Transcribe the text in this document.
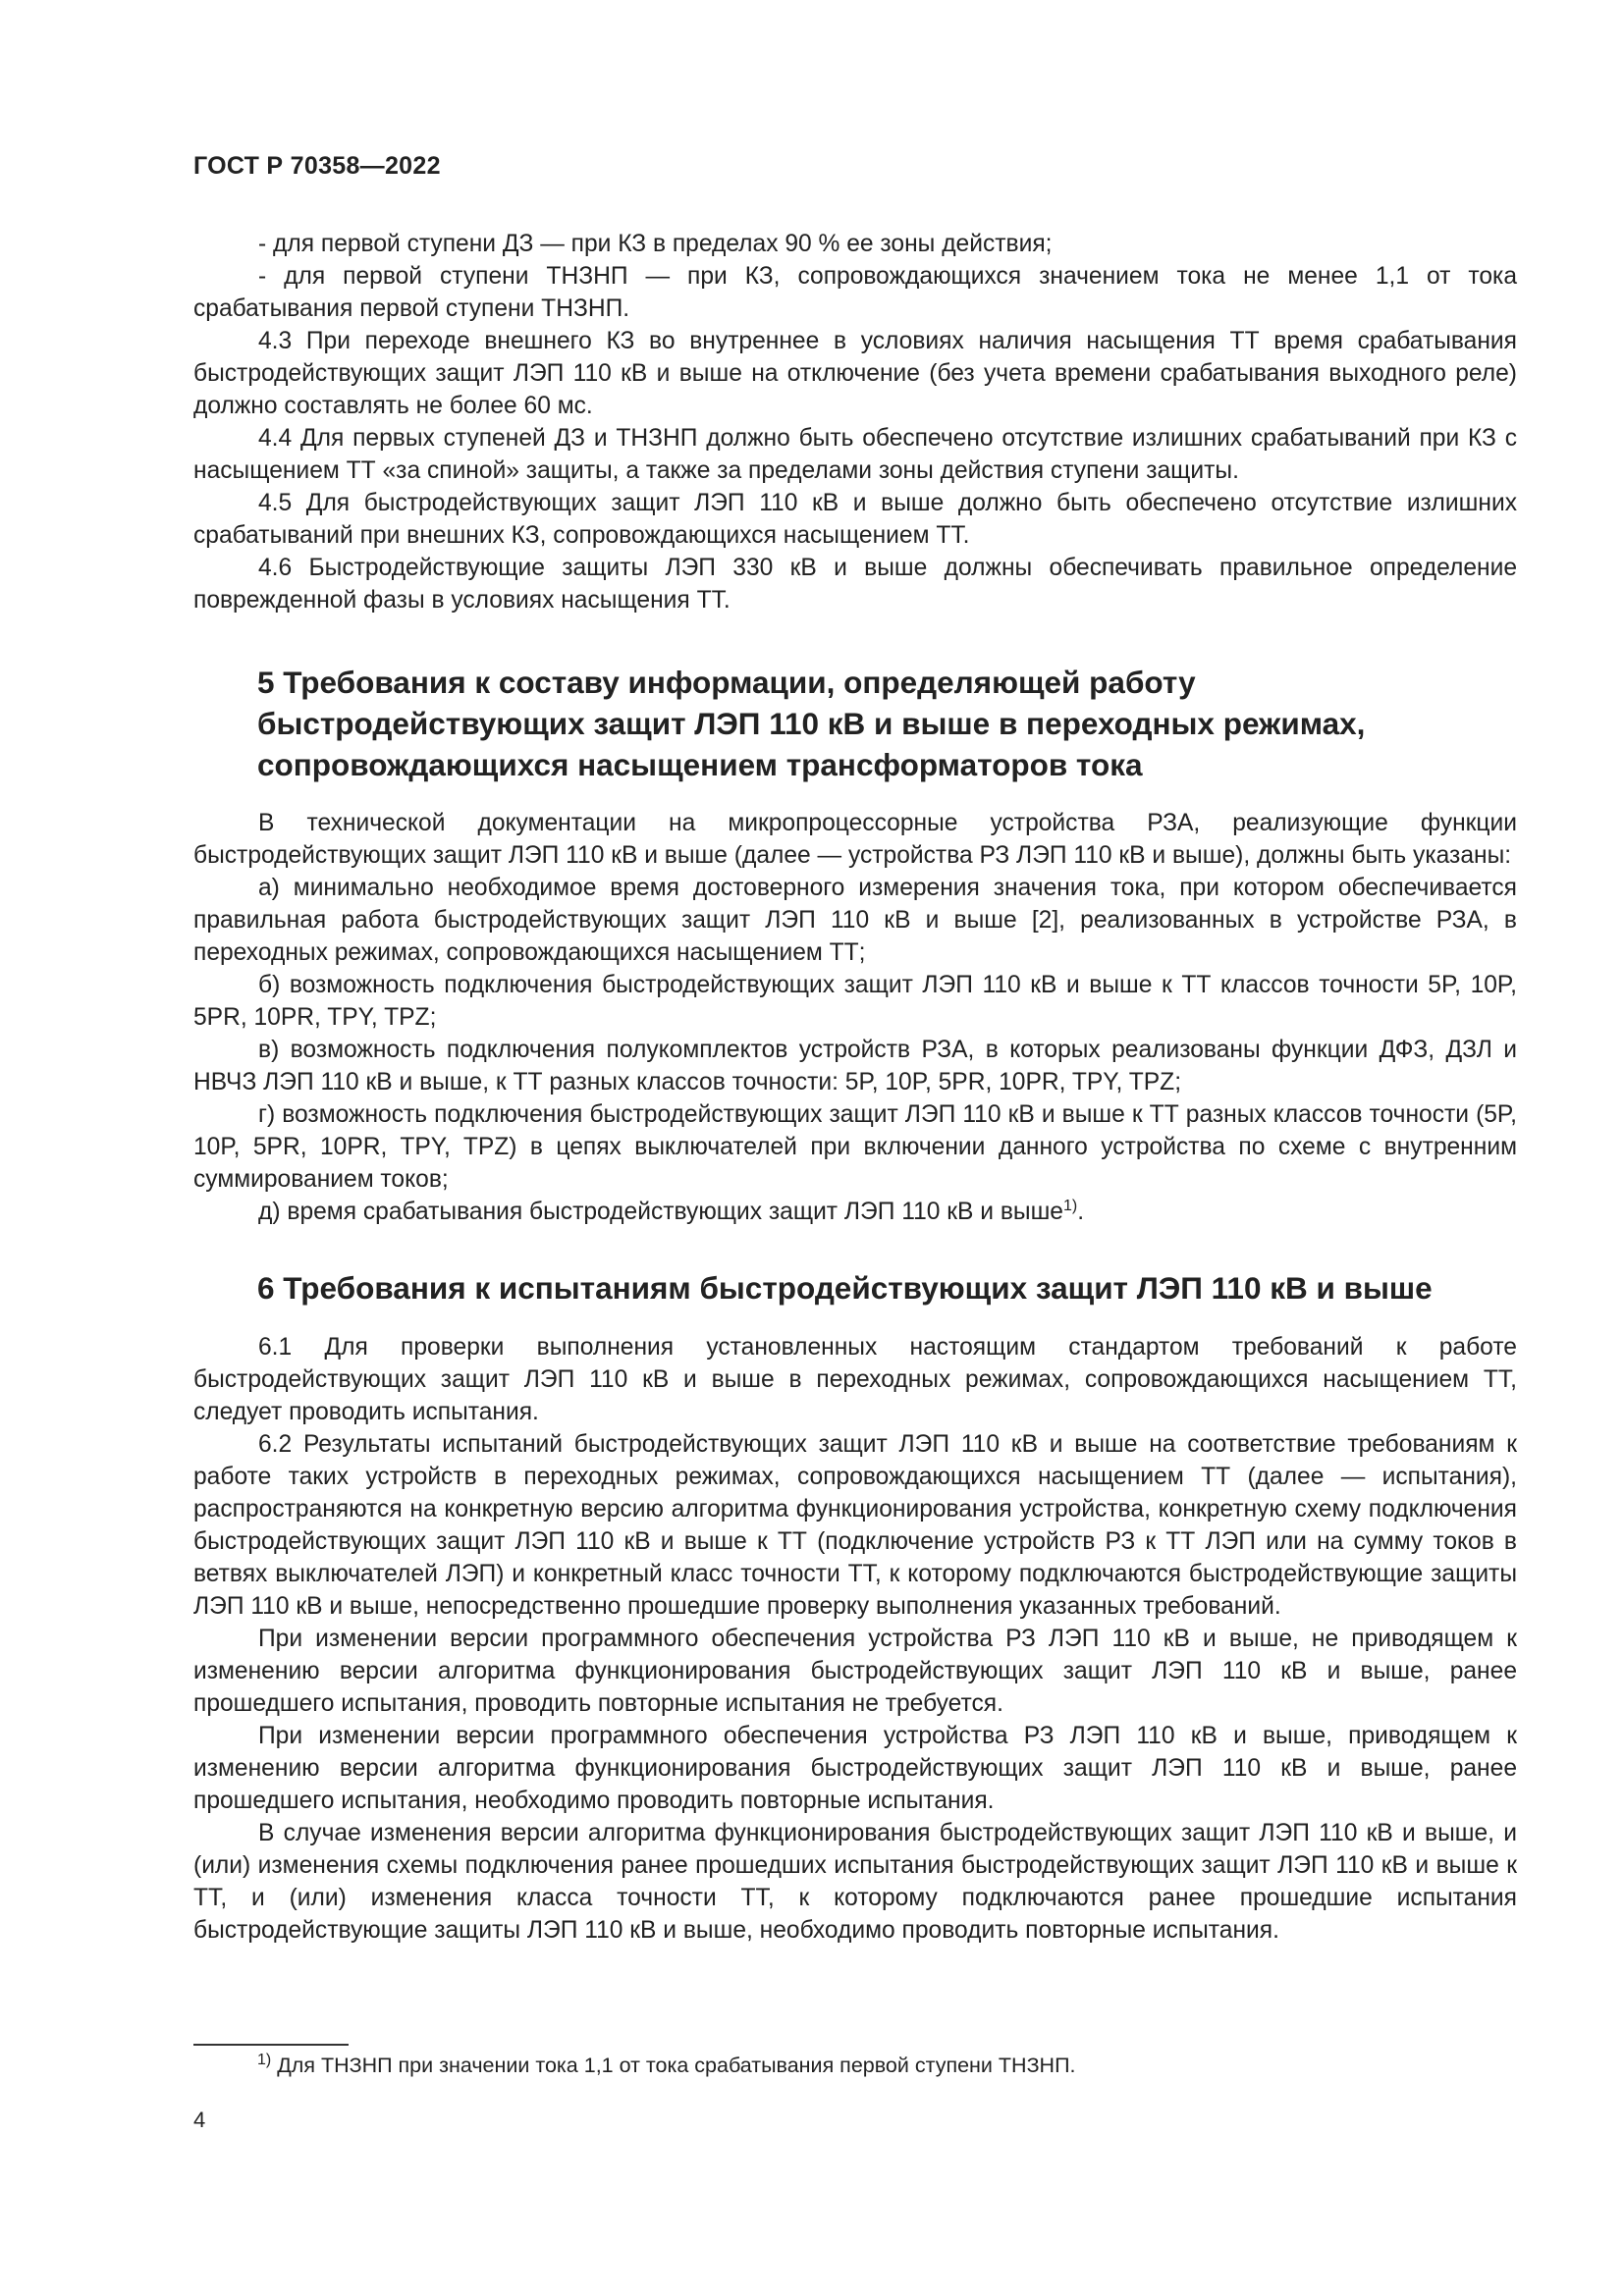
ГОСТ Р 70358—2022

- для первой ступени ДЗ — при КЗ в пределах 90 % ее зоны действия;

- для первой ступени ТНЗНП — при КЗ, сопровождающихся значением тока не менее 1,1 от тока срабатывания первой ступени ТНЗНП.

4.3 При переходе внешнего КЗ во внутреннее в условиях наличия насыщения ТТ время срабатывания быстродействующих защит ЛЭП 110 кВ и выше на отключение (без учета времени срабатывания выходного реле) должно составлять не более 60 мс.

4.4 Для первых ступеней ДЗ и ТНЗНП должно быть обеспечено отсутствие излишних срабатываний при КЗ с насыщением ТТ «за спиной» защиты, а также за пределами зоны действия ступени защиты.

4.5 Для быстродействующих защит ЛЭП 110 кВ и выше должно быть обеспечено отсутствие излишних срабатываний при внешних КЗ, сопровождающихся насыщением ТТ.

4.6 Быстродействующие защиты ЛЭП 330 кВ и выше должны обеспечивать правильное определение поврежденной фазы в условиях насыщения ТТ.

5 Требования к составу информации, определяющей работу
быстродействующих защит ЛЭП 110 кВ и выше в переходных режимах,
сопровождающихся насыщением трансформаторов тока

В технической документации на микропроцессорные устройства РЗА, реализующие функции быстродействующих защит ЛЭП 110 кВ и выше (далее — устройства РЗ ЛЭП 110 кВ и выше), должны быть указаны:

а) минимально необходимое время достоверного измерения значения тока, при котором обеспечивается правильная работа быстродействующих защит ЛЭП 110 кВ и выше [2], реализованных в устройстве РЗА, в переходных режимах, сопровождающихся насыщением ТТ;

б) возможность подключения быстродействующих защит ЛЭП 110 кВ и выше к ТТ классов точности 5P, 10P, 5PR, 10PR, TPY, TPZ;

в) возможность подключения полукомплектов устройств РЗА, в которых реализованы функции ДФЗ, ДЗЛ и НВЧЗ ЛЭП 110 кВ и выше, к ТТ разных классов точности: 5P, 10P, 5PR, 10PR, TPY, TPZ;

г) возможность подключения быстродействующих защит ЛЭП 110 кВ и выше к ТТ разных классов точности (5P, 10P, 5PR, 10PR, TPY, TPZ) в цепях выключателей при включении данного устройства по схеме с внутренним суммированием токов;

д) время срабатывания быстродействующих защит ЛЭП 110 кВ и выше$^{1)}$.

6 Требования к испытаниям быстродействующих защит ЛЭП 110 кВ и выше

6.1 Для проверки выполнения установленных настоящим стандартом требований к работе быстродействующих защит ЛЭП 110 кВ и выше в переходных режимах, сопровождающихся насыщением ТТ, следует проводить испытания.

6.2 Результаты испытаний быстродействующих защит ЛЭП 110 кВ и выше на соответствие требованиям к работе таких устройств в переходных режимах, сопровождающихся насыщением ТТ (далее — испытания), распространяются на конкретную версию алгоритма функционирования устройства, конкретную схему подключения быстродействующих защит ЛЭП 110 кВ и выше к ТТ (подключение устройств РЗ к ТТ ЛЭП или на сумму токов в ветвях выключателей ЛЭП) и конкретный класс точности ТТ, к которому подключаются быстродействующие защиты ЛЭП 110 кВ и выше, непосредственно прошедшие проверку выполнения указанных требований.

При изменении версии программного обеспечения устройства РЗ ЛЭП 110 кВ и выше, не приводящем к изменению версии алгоритма функционирования быстродействующих защит ЛЭП 110 кВ и выше, ранее прошедшего испытания, проводить повторные испытания не требуется.

При изменении версии программного обеспечения устройства РЗ ЛЭП 110 кВ и выше, приводящем к изменению версии алгоритма функционирования быстродействующих защит ЛЭП 110 кВ и выше, ранее прошедшего испытания, необходимо проводить повторные испытания.

В случае изменения версии алгоритма функционирования быстродействующих защит ЛЭП 110 кВ и выше, и (или) изменения схемы подключения ранее прошедших испытания быстродействующих защит ЛЭП 110 кВ и выше к ТТ, и (или) изменения класса точности ТТ, к которому подключаются ранее прошедшие испытания быстродействующие защиты ЛЭП 110 кВ и выше, необходимо проводить повторные испытания.

$^{1)}$ Для ТНЗНП при значении тока 1,1 от тока срабатывания первой ступени ТНЗНП.
4
